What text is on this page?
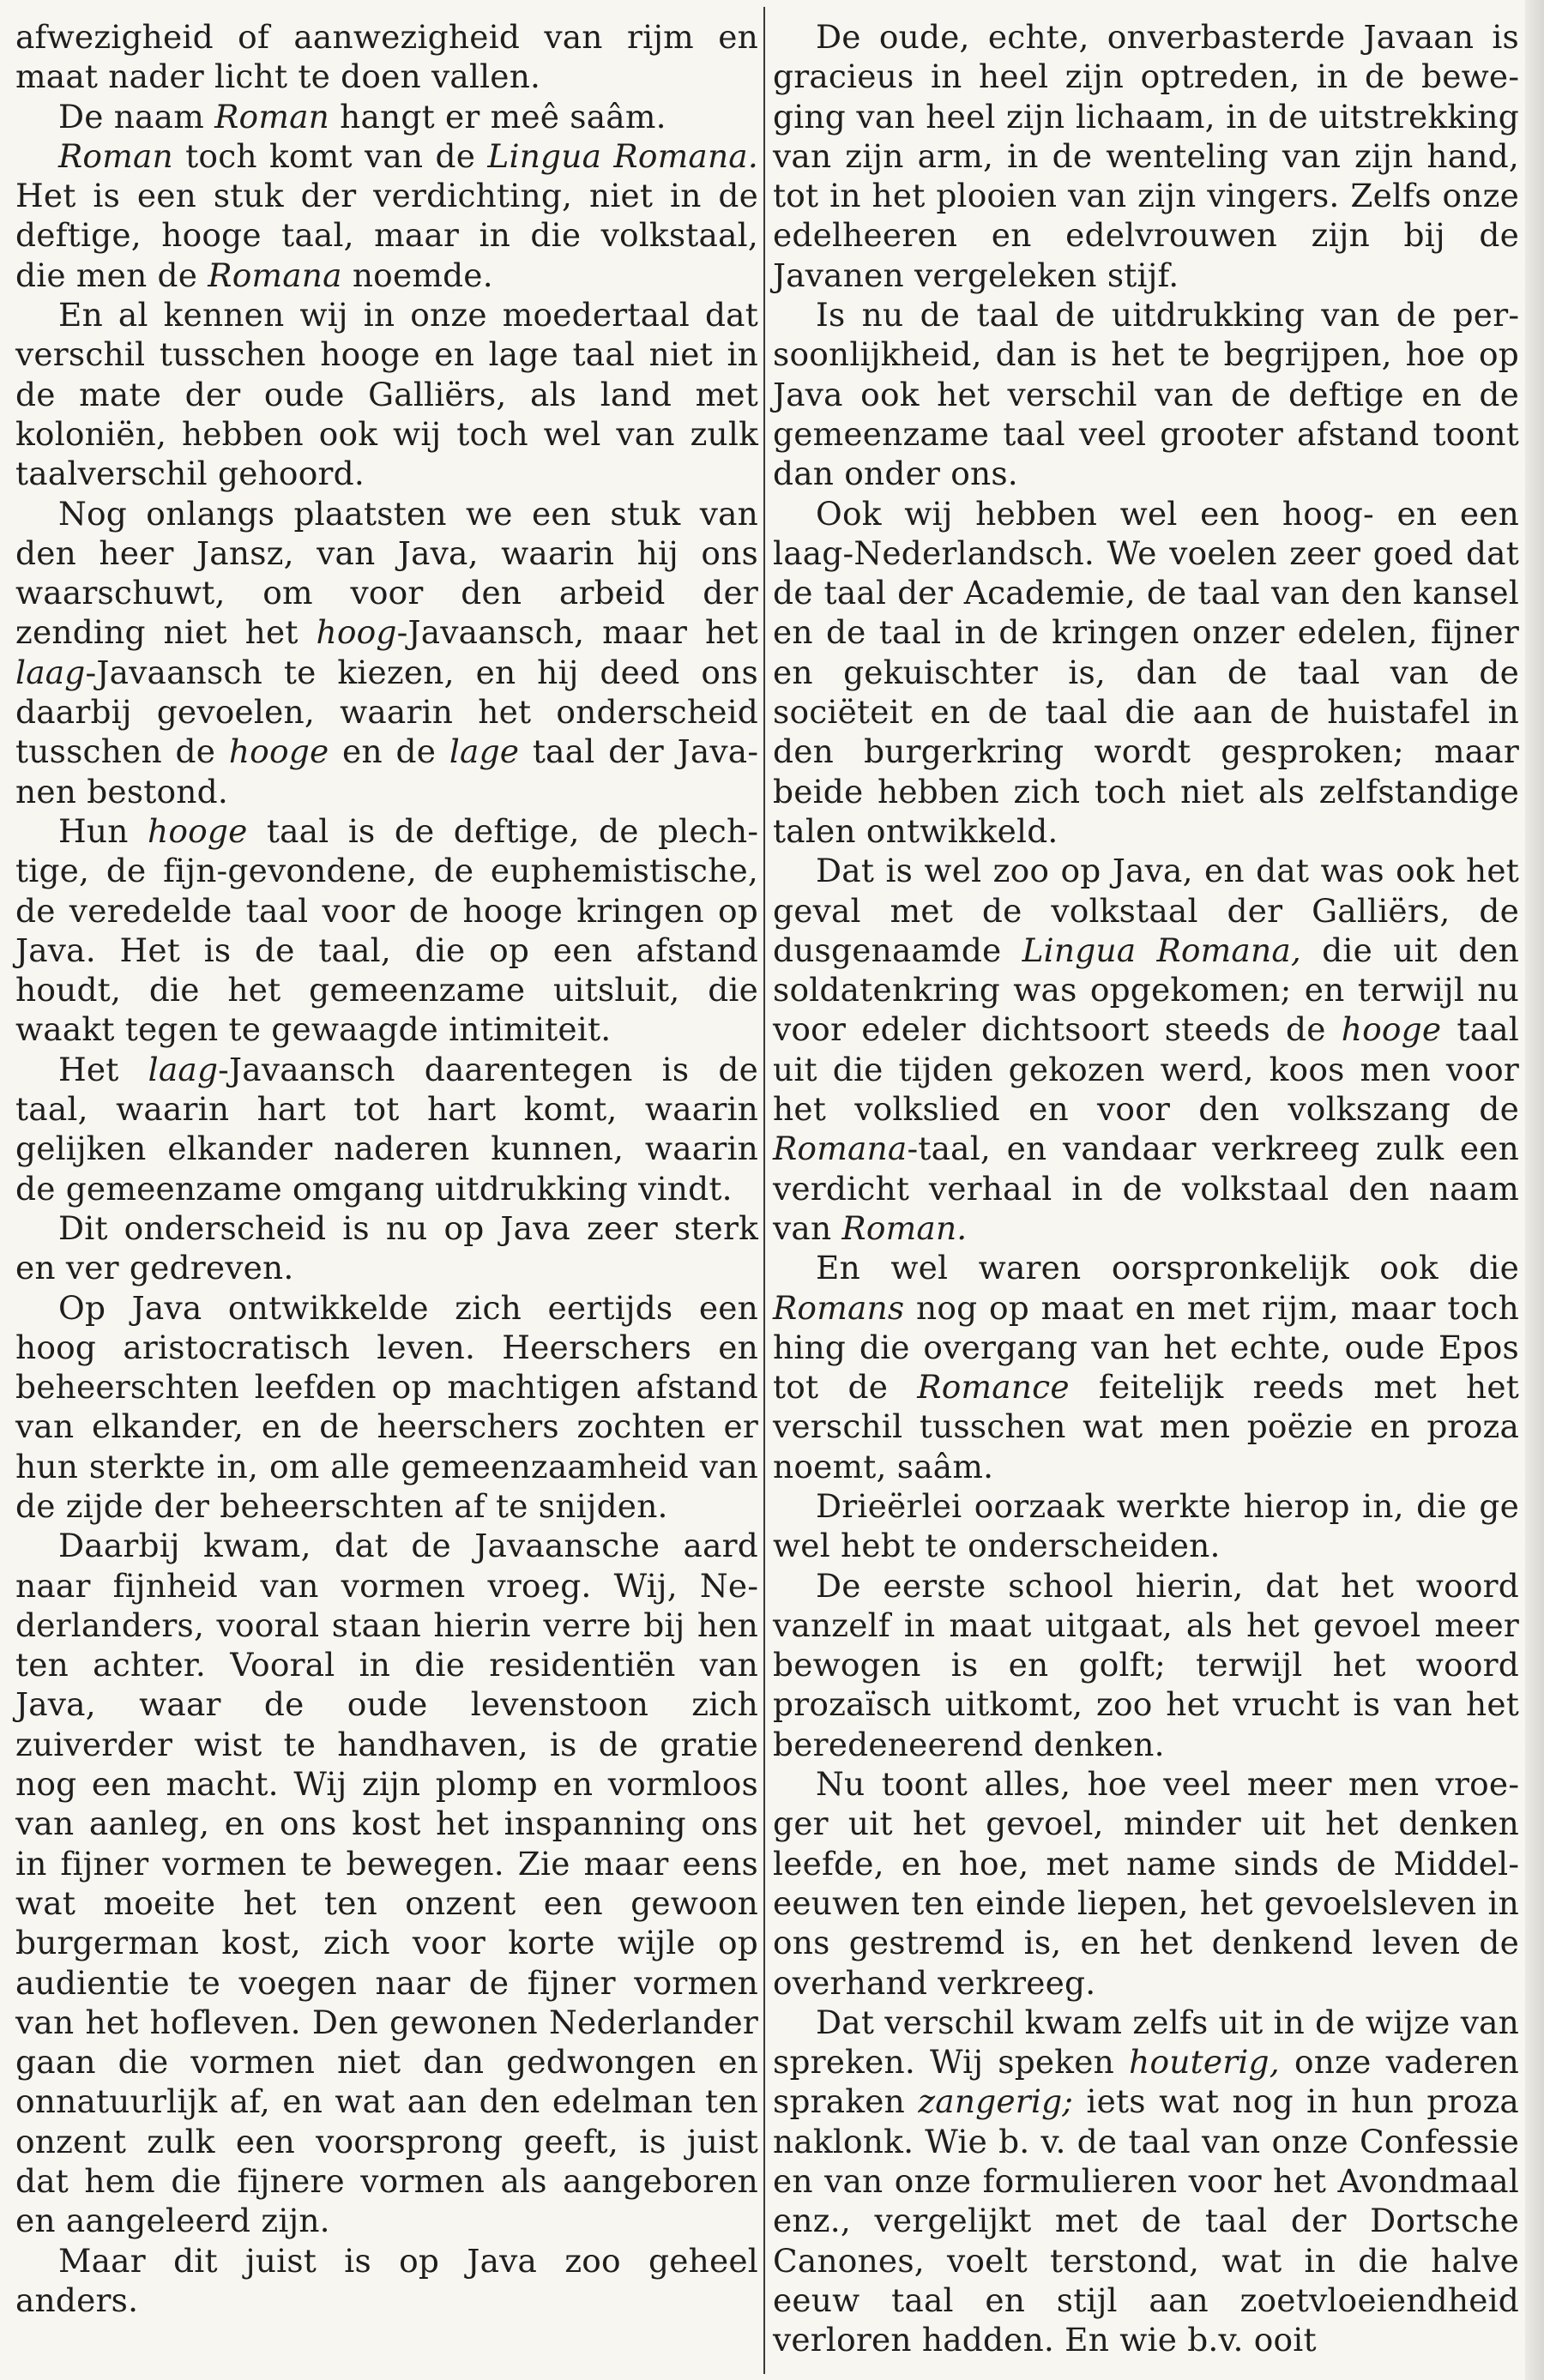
afwezigheid of aanwezigheid van rijm en maat nader licht te doen vallen.

De naam Roman hangt er meê saâm.

Roman toch komt van de Lingua Romana. Het is een stuk der verdichting, niet in de deftige, hooge taal, maar in die volkstaal, die men de Romana noemde.

En al kennen wij in onze moedertaal dat verschil tusschen hooge en lage taal niet in de mate der oude Galliërs, als land met koloniën, hebben ook wij toch wel van zulk taalverschil gehoord.

Nog onlangs plaatsten we een stuk van den heer Jansz, van Java, waarin hij ons waarschuwt, om voor den arbeid der zending niet het hoog-Javaansch, maar het laag-Javaansch te kiezen, en hij deed ons daarbij gevoelen, waarin het onderscheid tusschen de hooge en de lage taal der Javanen bestond.

Hun hooge taal is de deftige, de plechtige, de fijn-gevondene, de euphemistische, de veredelde taal voor de hooge kringen op Java. Het is de taal, die op een afstand houdt, die het gemeenzame uitsluit, die waakt tegen te gewaagde intimiteit.

Het laag-Javaansch daarentegen is de taal, waarin hart tot hart komt, waarin gelijken elkander naderen kunnen, waarin de gemeenzame omgang uitdrukking vindt.

Dit onderscheid is nu op Java zeer sterk en ver gedreven.

Op Java ontwikkelde zich eertijds een hoog aristocratisch leven. Heerschers en beheerschten leefden op machtigen afstand van elkander, en de heerschers zochten er hun sterkte in, om alle gemeenzaamheid van de zijde der beheerschten af te snijden.

Daarbij kwam, dat de Javaansche aard naar fijnheid van vormen vroeg. Wij, Nederlanders, vooral staan hierin verre bij hen ten achter. Vooral in die residentiën van Java, waar de oude levenstoon zich zuiverder wist te handhaven, is de gratie nog een macht. Wij zijn plomp en vormloos van aanleg, en ons kost het inspanning ons in fijner vormen te bewegen. Zie maar eens wat moeite het ten onzent een gewoon burgerman kost, zich voor korte wijle op audientie te voegen naar de fijner vormen van het hofleven. Den gewonen Nederlander gaan die vormen niet dan gedwongen en onnatuurlijk af, en wat aan den edelman ten onzent zulk een voorsprong geeft, is juist dat hem die fijnere vormen als aangeboren en aangeleerd zijn.

Maar dit juist is op Java zoo geheel anders.

De oude, echte, onverbasterde Javaan is gracieus in heel zijn optreden, in de beweging van heel zijn lichaam, in de uitstrekking van zijn arm, in de wenteling van zijn hand, tot in het plooien van zijn vingers. Zelfs onze edelheeren en edelvrouwen zijn bij de Javanen vergeleken stijf.

Is nu de taal de uitdrukking van de persoonlijkheid, dan is het te begrijpen, hoe op Java ook het verschil van de deftige en de gemeenzame taal veel grooter afstand toont dan onder ons.

Ook wij hebben wel een hoog- en een laag-Nederlandsch. We voelen zeer goed dat de taal der Academie, de taal van den kansel en de taal in de kringen onzer edelen, fijner en gekuischter is, dan de taal van de sociëteit en de taal die aan de huistafel in den burgerkring wordt gesproken; maar beide hebben zich toch niet als zelfstandige talen ontwikkeld.

Dat is wel zoo op Java, en dat was ook het geval met de volkstaal der Galliërs, de dusgenaamde Lingua Romana, die uit den soldatenkring was opgekomen; en terwijl nu voor edeler dichtsoort steeds de hooge taal uit die tijden gekozen werd, koos men voor het volkslied en voor den volkszang de Romana-taal, en vandaar verkreeg zulk een verdicht verhaal in de volkstaal den naam van Roman.

En wel waren oorspronkelijk ook die Romans nog op maat en met rijm, maar toch hing die overgang van het echte, oude Epos tot de Romance feitelijk reeds met het verschil tusschen wat men poëzie en proza noemt, saâm.

Drieërlei oorzaak werkte hierop in, die ge wel hebt te onderscheiden.

De eerste school hierin, dat het woord vanzelf in maat uitgaat, als het gevoel meer bewogen is en golft; terwijl het woord prozaïsch uitkomt, zoo het vrucht is van het beredeneerend denken.

Nu toont alles, hoe veel meer men vroeger uit het gevoel, minder uit het denken leefde, en hoe, met name sinds de Middeleeuwen ten einde liepen, het gevoelsleven in ons gestremd is, en het denkend leven de overhand verkreeg.

Dat verschil kwam zelfs uit in de wijze van spreken. Wij speken houterig, onze vaderen spraken zangerig; iets wat nog in hun proza naklonk. Wie b. v. de taal van onze Confessie en van onze formulieren voor het Avondmaal enz., vergelijkt met de taal der Dortsche Canones, voelt terstond, wat in die halve eeuw taal en stijl aan zoetvloeiendheid verloren hadden. En wie b.v. ooit
